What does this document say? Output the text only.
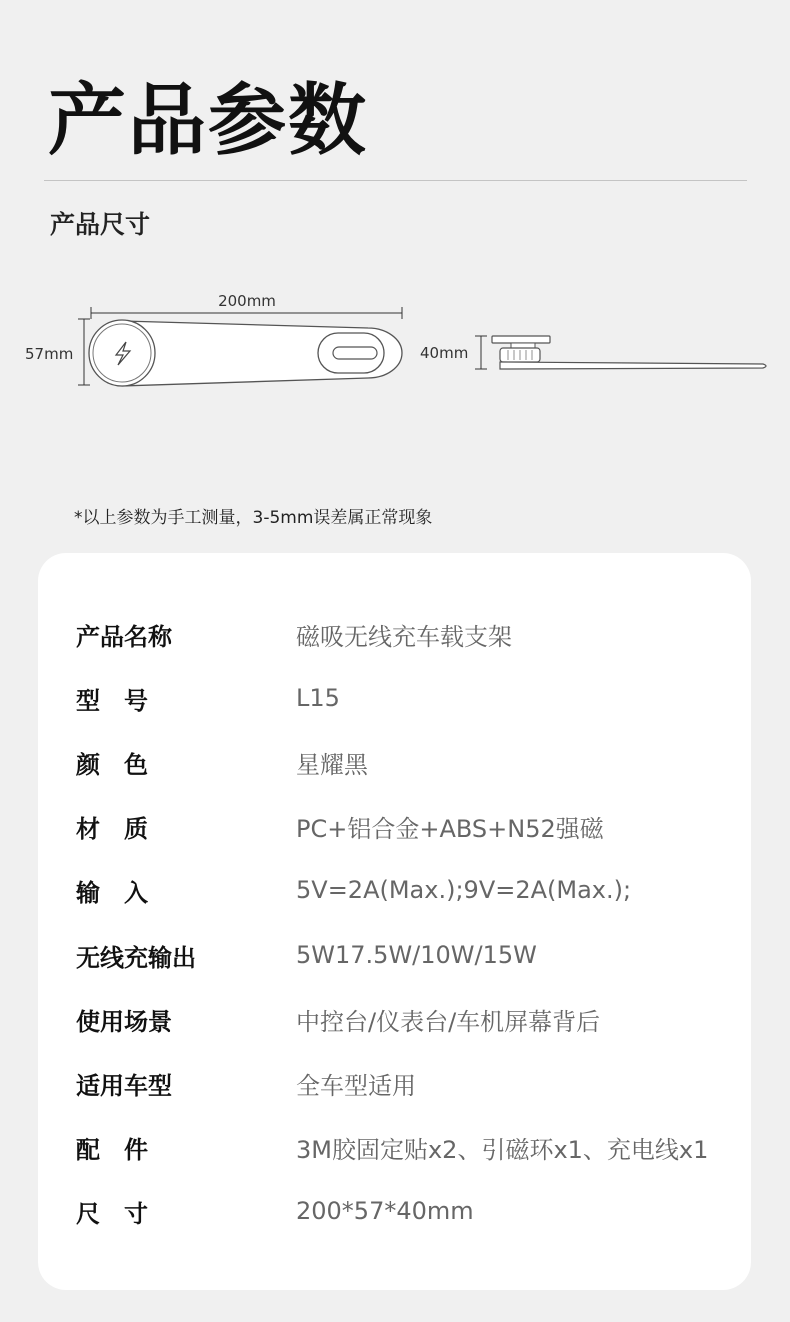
产品参数
产品尺寸
200mm
57mm	40mm

*以上参数为手工测量，3-5mm误差属正常现象

产品名称	磁吸无线充车载支架
型　号	L15
颜　色	星耀黑
材　质	PC+铝合金+ABS+N52强磁
输　入	5V=2A(Max.);9V=2A(Max.);
无线充输出	5W17.5W/10W/15W
使用场景	中控台/仪表台/车机屏幕背后
适用车型	全车型适用
配　件	3M胶固定贴x2、引磁环x1、充电线x1
尺　寸	200*57*40mm
